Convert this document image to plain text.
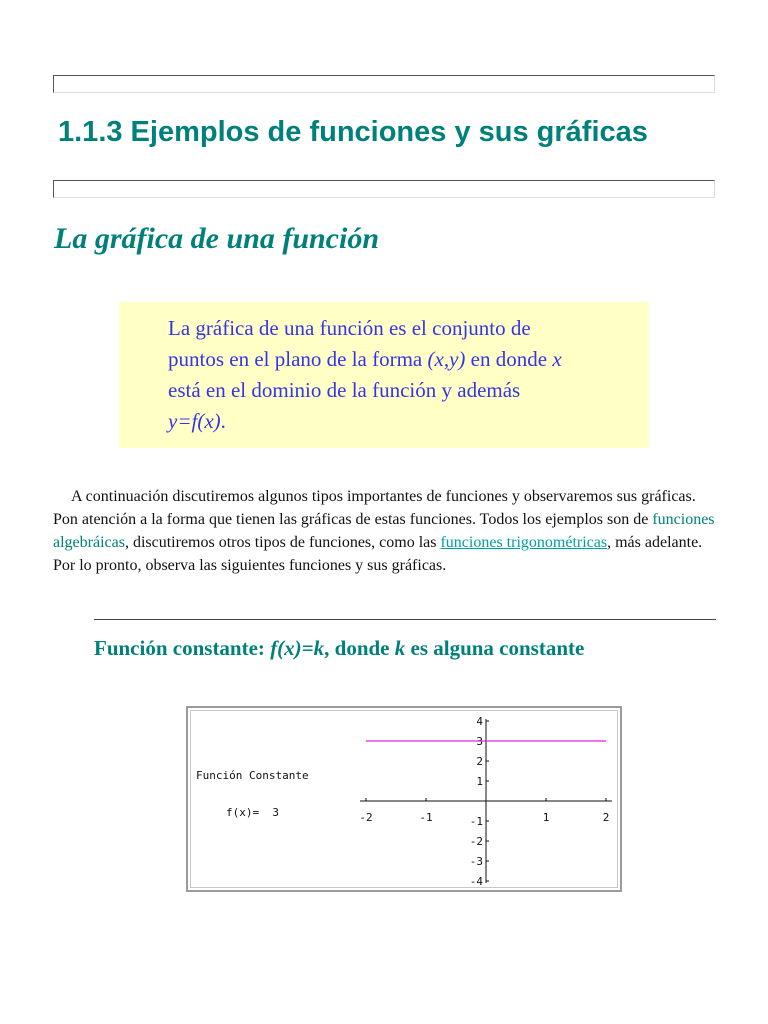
1.1.3 Ejemplos de funciones y sus gráficas
La gráfica de una función

La gráfica de una función es el conjunto de

puntos en el plano de la forma (x,y) en donde x

está en el dominio de la función y además

y=f(x).

A continuación discutiremos algunos tipos importantes de funciones y observaremos sus gráficas. Pon atención a la forma que tienen las gráficas de estas funciones. Todos los ejemplos son de funciones algebráicas, discutiremos otros tipos de funciones, como las funciones trigonométricas, más adelante. Por lo pronto, observa las siguientes funciones y sus gráficas.

Función constante: f(x)=k, donde k es alguna constante
Función Constante
f(x)=  3
4
3
2
1
-1
-2
-3
-4
-2	-1	1	2
